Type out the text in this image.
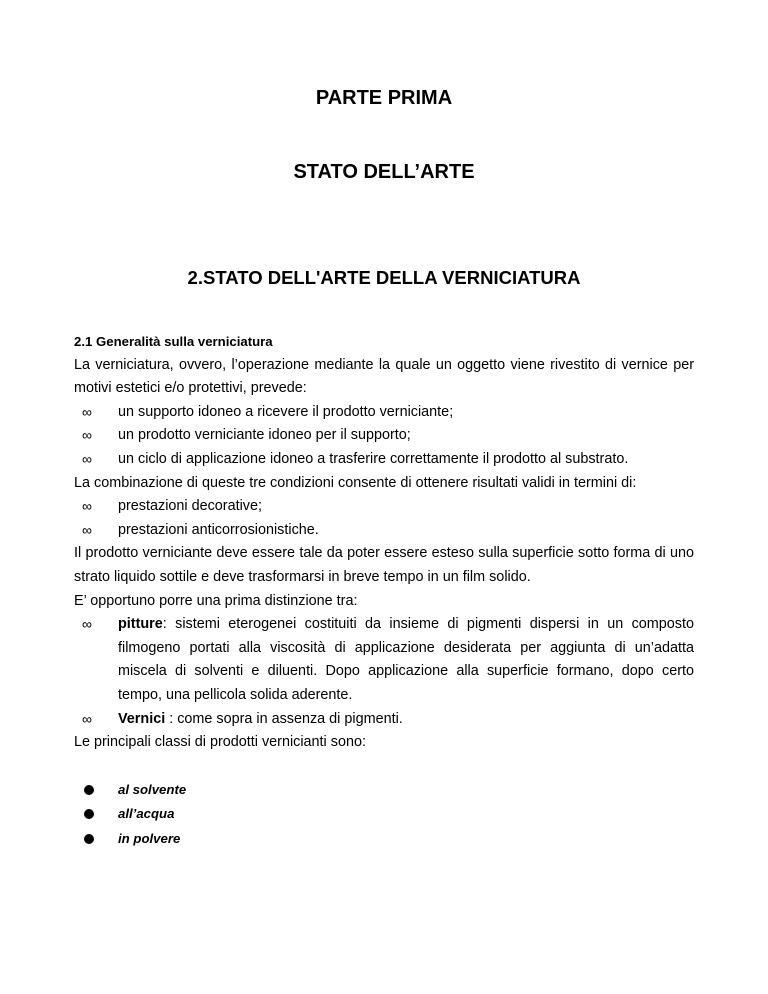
PARTE PRIMA
STATO DELL’ARTE
2.STATO DELL'ARTE DELLA VERNICIATURA
2.1 Generalità sulla verniciatura

La verniciatura, ovvero, l’operazione mediante la quale un oggetto viene rivestito di vernice per motivi estetici e/o protettivi, prevede:

∞ un supporto idoneo a ricevere il prodotto verniciante;
∞ un prodotto verniciante idoneo per il supporto;
∞ un ciclo di applicazione idoneo a trasferire correttamente il prodotto al substrato.

La combinazione di queste tre condizioni consente di ottenere risultati validi in termini di:

∞ prestazioni decorative;
∞ prestazioni anticorrosionistiche.

Il prodotto verniciante deve essere tale da poter essere esteso sulla superficie sotto forma di uno strato liquido sottile e deve trasformarsi in breve tempo in un film solido.

E’ opportuno porre una prima distinzione tra:

∞ pitture: sistemi eterogenei costituiti da insieme di pigmenti dispersi in un composto filmogeno portati alla viscosità di applicazione desiderata per aggiunta di un’adatta miscela di solventi e diluenti. Dopo applicazione alla superficie formano, dopo certo tempo, una pellicola solida aderente.
∞ Vernici : come sopra in assenza di pigmenti.

Le principali classi di prodotti vernicianti sono:

al solvente
all’acqua
in polvere
